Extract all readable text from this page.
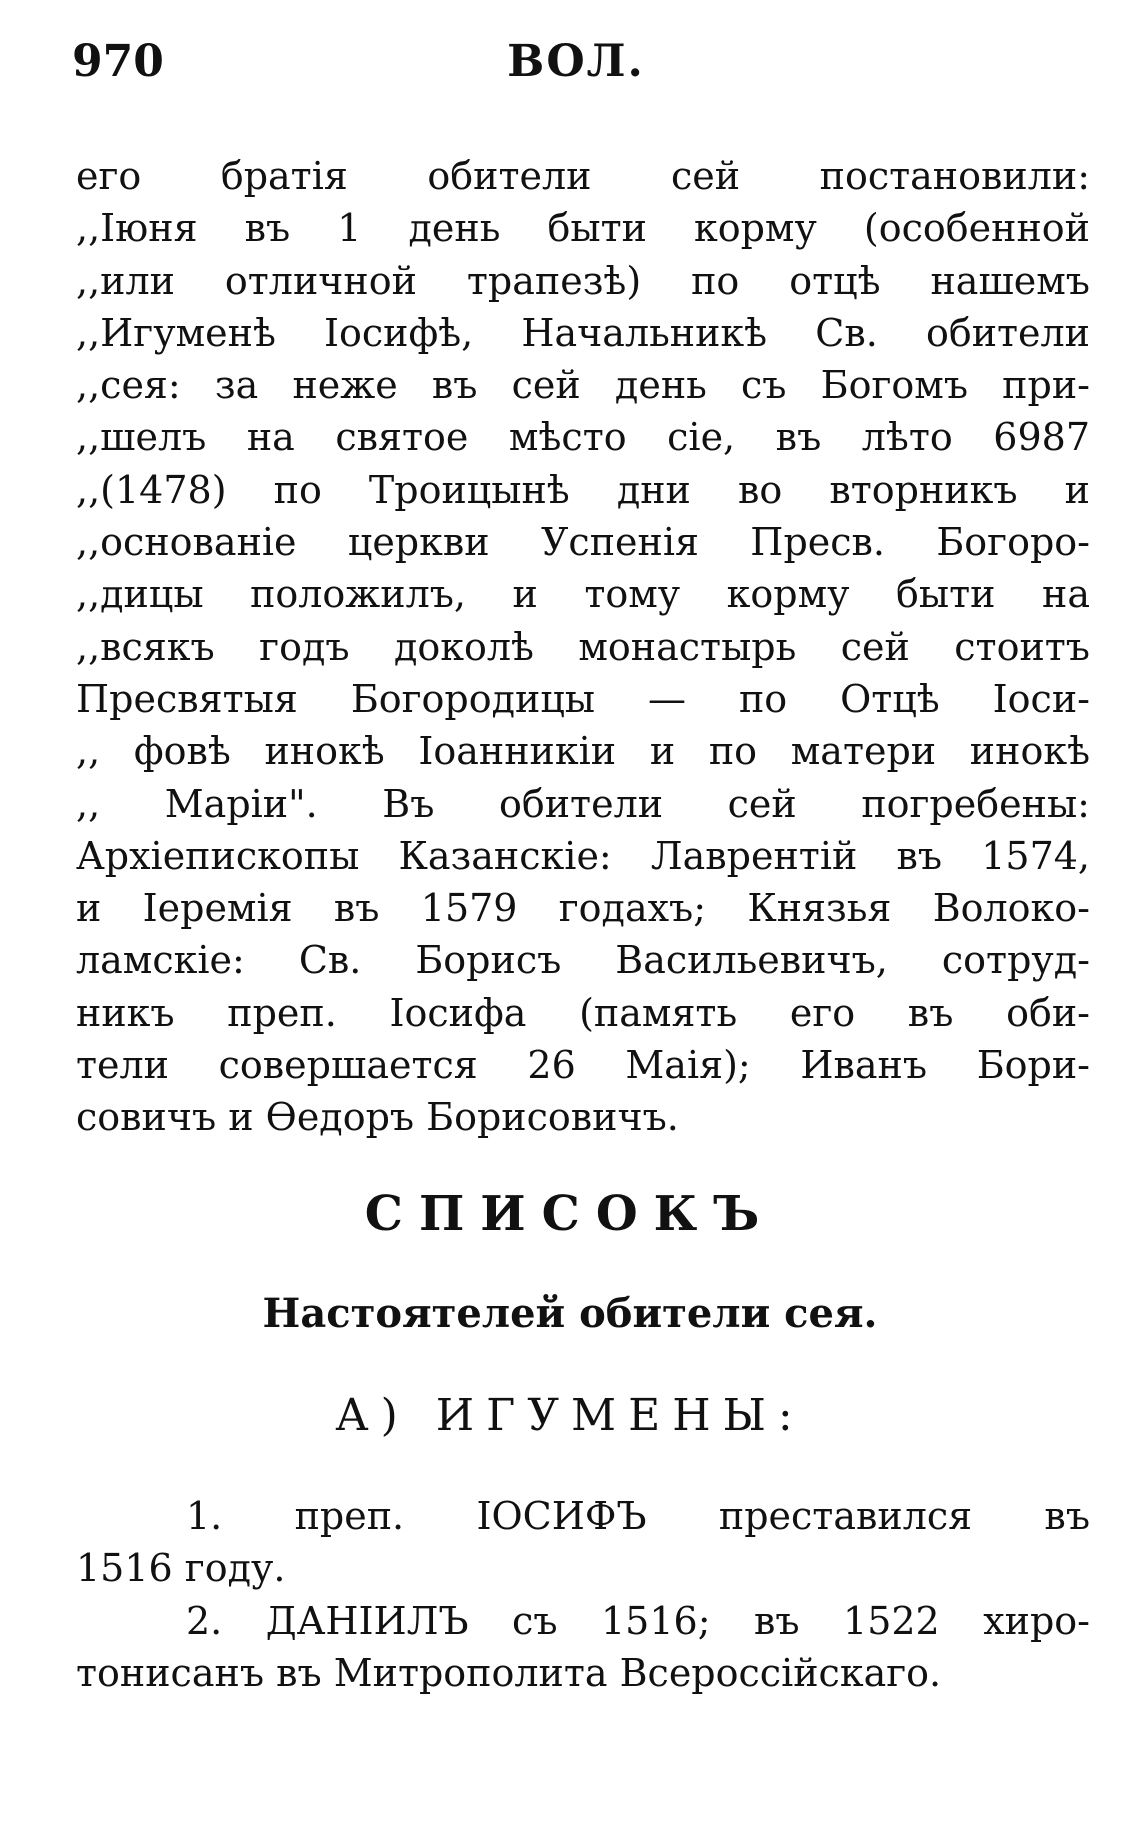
970	ВОЛ.
его братія обители сей постановили:
,,Іюня въ 1 день быти корму (особенной
,,или отличной трапезѣ) по отцѣ нашемъ
,,Игуменѣ Іосифѣ, Начальникѣ Св. обители
,,сея: за неже въ сей день съ Богомъ при-
,,шелъ на святое мѣсто сіе, въ лѣто 6987
,,(1478) по Троицынѣ дни во вторникъ и
,,основаніе церкви Успенія Пресв. Богоро-
,,дицы положилъ, и тому корму быти на
,,всякъ годъ доколѣ монастырь сей стоитъ
Пресвятыя Богородицы — по Отцѣ Іоси-
,, фовѣ инокѣ Іоанникіи и по матери инокѣ
,, Маріи". Въ обители сей погребены:
Архіепископы Казанскіе: Лаврентій въ 1574,
и Іеремія въ 1579 годахъ; Князья Волоко-
ламскіе: Св. Борисъ Васильевичъ, сотруд-
никъ преп. Іосифа (память его въ оби-
тели совершается 26 Маія); Иванъ Бори-
совичъ и Ѳедоръ Борисовичъ.
СПИСОКЪ
Настоятелей обители сея.
А) ИГУМЕНЫ:
1. преп. ІОСИФЪ преставился въ
1516 году.
2. ДАНІИЛЪ съ 1516; въ 1522 хиро-
тонисанъ въ Митрополита Всероссійскаго.
